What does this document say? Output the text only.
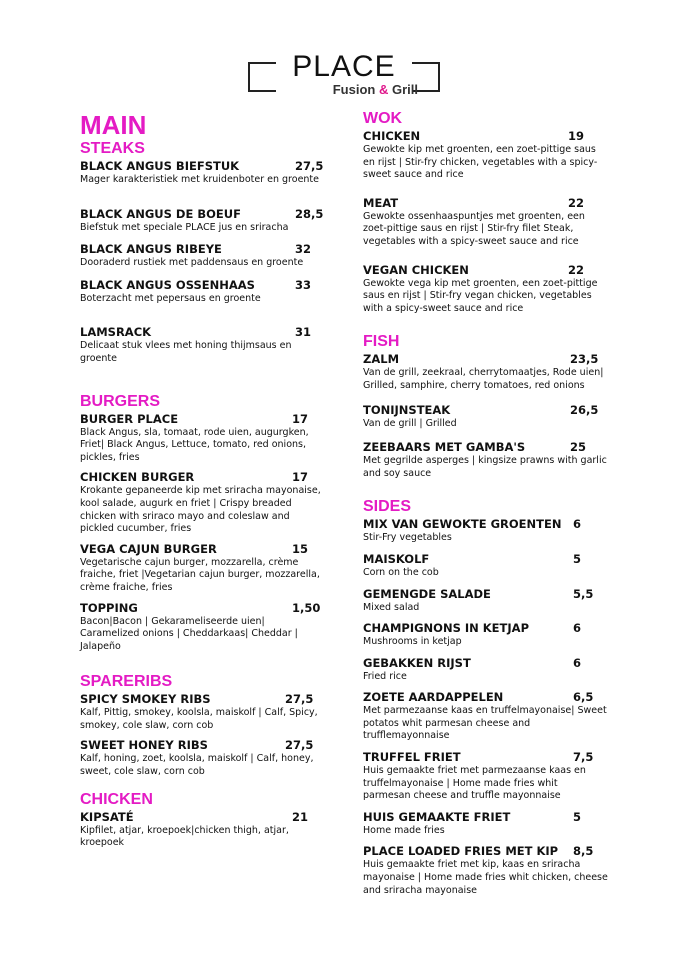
PLACE
Fusion & Grill
MAIN
STEAKS
BLACK ANGUS BIEFSTUK	27,5
Mager karakteristiek met kruidenboter en groente
BLACK ANGUS DE BOEUF	28,5
Biefstuk met speciale PLACE jus en sriracha
BLACK ANGUS RIBEYE	32
Dooraderd rustiek met paddensaus en groente
BLACK ANGUS OSSENHAAS	33
Boterzacht met pepersaus en groente
LAMSRACK	31
Delicaat stuk vlees met honing thijmsaus en groente
BURGERS
BURGER PLACE	17
Black Angus, sla, tomaat, rode uien, augurgken, Friet| Black Angus, Lettuce, tomato, red onions, pickles, fries
CHICKEN BURGER	17
Krokante gepaneerde kip met sriracha mayonaise, kool salade, augurk en friet | Crispy breaded chicken with sriraco mayo and coleslaw and pickled cucumber, fries
VEGA CAJUN BURGER	15
Vegetarische cajun burger, mozzarella, crème fraiche, friet |Vegetarian cajun burger, mozzarella, crème fraiche, fries
TOPPING	1,50
Bacon|Bacon | Gekarameliseerde uien| Caramelized onions | Cheddarkaas| Cheddar | Jalapeño
SPARERIBS
SPICY SMOKEY RIBS	27,5
Kalf, Pittig, smokey, koolsla, maiskolf | Calf, Spicy, smokey, cole slaw, corn cob
SWEET HONEY RIBS	27,5
Kalf, honing, zoet, koolsla, maiskolf | Calf, honey, sweet, cole slaw, corn cob
CHICKEN
KIPSATÉ	21
Kipfilet, atjar, kroepoek|chicken thigh, atjar, kroepoek
WOK
CHICKEN	19
Gewokte kip met groenten, een zoet-pittige saus en rijst | Stir-fry chicken, vegetables with a spicy-sweet sauce and rice
MEAT	22
Gewokte ossenhaaspuntjes met groenten, een zoet-pittige saus en rijst | Stir-fry filet Steak, vegetables with a spicy-sweet sauce and rice
VEGAN CHICKEN	22
Gewokte vega kip met groenten, een zoet-pittige saus en rijst | Stir-fry vegan chicken, vegetables with a spicy-sweet sauce and rice
FISH
ZALM	23,5
Van de grill, zeekraal, cherrytomaatjes, Rode uien| Grilled, samphire, cherry tomatoes, red onions
TONIJNSTEAK	26,5
Van de grill | Grilled
ZEEBAARS MET GAMBA'S	25
Met gegrilde asperges | kingsize prawns with garlic and soy sauce
SIDES
MIX VAN GEWOKTE GROENTEN	6
Stir-Fry vegetables
MAISKOLF	5
Corn on the cob
GEMENGDE SALADE	5,5
Mixed salad
CHAMPIGNONS IN KETJAP	6
Mushrooms in ketjap
GEBAKKEN RIJST	6
Fried rice
ZOETE AARDAPPELEN	6,5
Met parmezaanse kaas en truffelmayonaise| Sweet potatos whit parmesan cheese and trufflemayonnaise
TRUFFEL FRIET	7,5
Huis gemaakte friet met parmezaanse kaas en truffelmayonaise | Home made fries whit parmesan cheese and truffle mayonnaise
HUIS GEMAAKTE FRIET	5
Home made fries
PLACE LOADED FRIES MET KIP	8,5
Huis gemaakte friet met kip, kaas en sriracha mayonaise | Home made fries whit chicken, cheese and sriracha mayonaise
